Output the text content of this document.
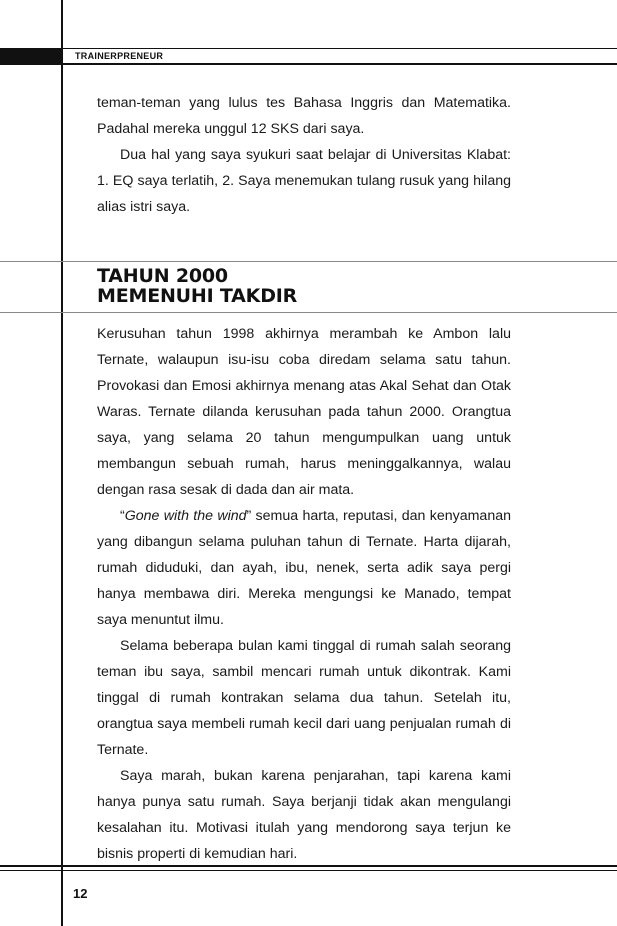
TRAINERPRENEUR

teman-teman yang lulus tes Bahasa Inggris dan Matematika. Padahal mereka unggul 12 SKS dari saya.

Dua hal yang saya syukuri saat belajar di Universitas Klabat: 1. EQ saya terlatih, 2. Saya menemukan tulang rusuk yang hilang alias istri saya.

TAHUN 2000
MEMENUHI TAKDIR

Kerusuhan tahun 1998 akhirnya merambah ke Ambon lalu Ternate, walaupun isu-isu coba diredam selama satu tahun. Provokasi dan Emosi akhirnya menang atas Akal Sehat dan Otak Waras. Ternate dilanda kerusuhan pada tahun 2000. Orangtua saya, yang selama 20 tahun mengumpulkan uang untuk membangun sebuah rumah, harus meninggalkannya, walau dengan rasa sesak di dada dan air mata.

“Gone with the wind” semua harta, reputasi, dan kenyamanan yang dibangun selama puluhan tahun di Ternate. Harta dijarah, rumah diduduki, dan ayah, ibu, nenek, serta adik saya pergi hanya membawa diri. Mereka mengungsi ke Manado, tempat saya menuntut ilmu.

Selama beberapa bulan kami tinggal di rumah salah seorang teman ibu saya, sambil mencari rumah untuk dikontrak. Kami tinggal di rumah kontrakan selama dua tahun. Setelah itu, orangtua saya membeli rumah kecil dari uang penjualan rumah di Ternate.

Saya marah, bukan karena penjarahan, tapi karena kami hanya punya satu rumah. Saya berjanji tidak akan mengulangi kesalahan itu. Motivasi itulah yang mendorong saya terjun ke bisnis properti di kemudian hari.

12
